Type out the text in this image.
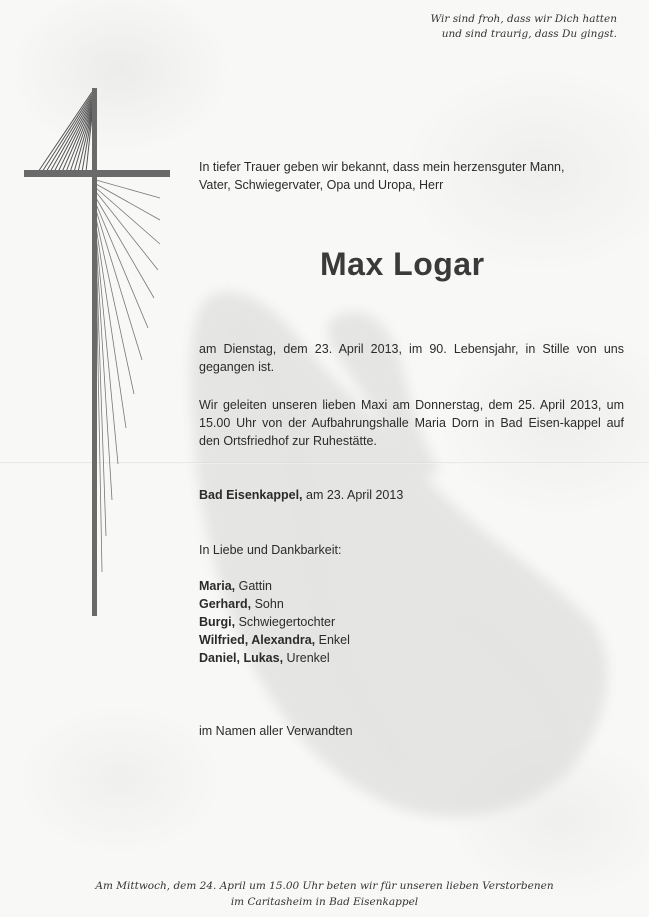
Wir sind froh, dass wir Dich hatten
und sind traurig, dass Du gingst.
In tiefer Trauer geben wir bekannt, dass mein herzensguter Mann,
Vater, Schwiegervater, Opa und Uropa, Herr
Max Logar
am Dienstag, dem 23. April 2013, im 90. Lebensjahr, in Stille von uns gegangen ist.
Wir geleiten unseren lieben Maxi am Donnerstag, dem 25. April 2013, um 15.00 Uhr von der Aufbahrungshalle Maria Dorn in Bad Eisen-kappel auf den Ortsfriedhof zur Ruhestätte.
Bad Eisenkappel, am 23. April 2013
In Liebe und Dankbarkeit:
Maria, Gattin
Gerhard, Sohn
Burgi, Schwiegertochter
Wilfried, Alexandra, Enkel
Daniel, Lukas, Urenkel
im Namen aller Verwandten
Am Mittwoch, dem 24. April um 15.00 Uhr beten wir für unseren lieben Verstorbenen
im Caritasheim in Bad Eisenkappel
